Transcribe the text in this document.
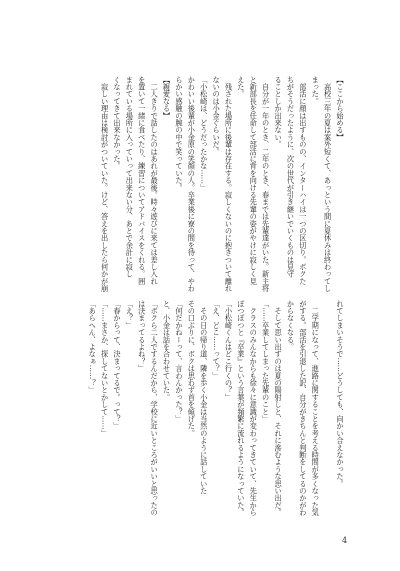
【ここから始める】
　高校三年の夏は案外短くて、あっという間に夏休みは終わってし
まった。
　部活に顔は出すものの、インターハイは一つの区切り。ボクた
ちがそうだったように、次の世代が引き継いでいくものは見守
ることしか出来ない。
　自分が一年のとき、二年のとき、春までは先輩達がいた。新主将
と新部長を任命して部活に背を向ける先輩の姿がやけに寂しく見
えた。
　残された場所に後輩は存在する。寂しくないのに抱きついて離れ
ないのは小金ぐらいだ。
「小松崎は、どうだったかな……」
かわいい後輩が小金原の笑顔の人。卒業後に寮の間を待って、やわ
らかい感触の腕の中で笑っていた。
【親愛なる】
　二人きりで話したのはあれが最後。時々遊びに来ては差し入れ
を置いて一緒に食べたり、練習についてアドバイスをくれる。囲
まれている場所に入っていって出来ない分、あとで余計に寂し
くなってきて出来なかった。
　寂しい理由は検討がついていた。けど、答えを出したら何かが崩
れてしまいそうで……どうしても、向かい合えなかった。
　二学期になって、進路に関することを考える時間が多くなった気
がする。部活を引退した訳、自分がきちんと判断をしてるのかがわ
からなくなる。
　そして思い出すのは夏の陽射しと、それに滲むような思い出だ。
「……卒業してしまった先輩のこと」
　クラスのみんなからも徐々に意識が変わってきていて、先生から
ぽつぽつと『卒業』という言葉が頻繁に流れるようになっていた。
「小松崎くんはどこ行くの？」
「え、どこ……って？」
　その日の帰り道、隣を歩く小金は当然のように話していた
その口ぶりに、ボクは思わず首を傾げた。
「何だかねーって、言わんかった？」
と、小金は話を合わせていた。
「ボクら二人でするんだから、学校に近いところがいいと思ったの
は決まってるよね？」
「え？」
「春からって、決まってるで。って？」
「……まさか、探してないとかして……」
「あらへん、よなぁ……？」
4
